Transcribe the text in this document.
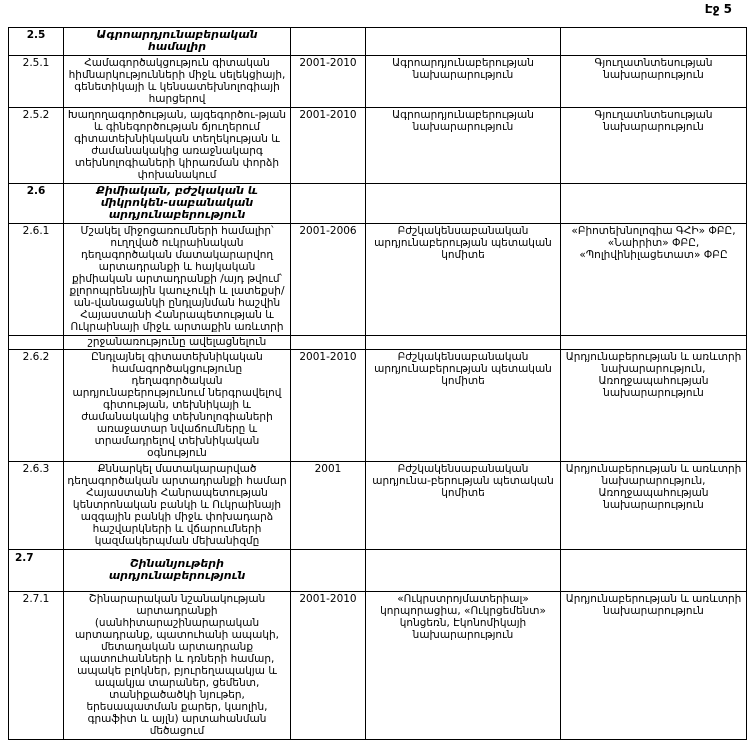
Էջ 5
2.5	Ագրոարդյունաբերական համալիր			
2.5.1	Համագործակցություն գիտական հիմնարկությունների միջև սելեկցիայի, գենետիկայի և կենսատեխնոլոգիայի հարցերով	2001-2010	Ագրոարդյունաբերության նախարարություն	Գյուղատնտեսության նախարարություն
2.5.2	Խաղողագործության, այգեգործու-թյան և գինեգործության ճյուղերում գիտատեխնիկական տեղեկության և ժամանակակից առաջնակարգ տեխնոլոգիաների կիրառման փորձի փոխանակում	2001-2010	Ագրոարդյունաբերության նախարարություն	Գյուղատնտեսության նախարարություն
2.6	Քիմիական, բժշկական և միկրոկեն-սաբանական արդյունաբերություն			
2.6.1	Մշակել միջոցառումների համալիր՝ ուղղված ուկրաինական դեղագործական մատակարարվող արտադրանքի և հայկական քիմիական արտադրանքի /այդ թվում՝ քլորոպրենային կաուչուկի և լատեքսի/ ան-վանացանկի ընդլայնման հաշվին Հայաստանի Հանրապետության և Ուկրաինայի միջև արտաքին առևտրի	2001-2006	Բժշկակենսաբանական արդյունաբերության պետական կոմիտե	«Բիոտեխնոլոգիա ԳՀԻ» ՓԲԸ, «Նաիրիտ» ՓԲԸ, «Պոլիվինիլացետատ» ՓԲԸ
	շրջանառությունը ավելացնելուն			
2.6.2	Ընդլայնել գիտատեխնիկական համագործակցությունը դեղագործական արդյունաբերությունում ներգրավելով գիտության, տեխնիկայի և ժամանակակից տեխնոլոգիաների առաջատար նվաճումները և տրամադրելով տեխնիկական օգնություն	2001-2010	Բժշկակենսաբանական արդյունաբերության պետական կոմիտե	Արդյունաբերության և առևտրի նախարարություն, Առողջապահության նախարարություն
2.6.3	Քննարկել մատակարարված դեղագործական արտադրանքի համար Հայաստանի Հանրապետության կենտրոնական բանկի և Ուկրաինայի ազգային բանկի միջև փոխադարձ հաշվարկների և վճարումների կազմակերպման մեխանիզմը	2001	Բժշկակենսաբանական արդյունա-բերության պետական կոմիտե	Արդյունաբերության և առևտրի նախարարություն, Առողջապահության նախարարություն
2.7	Շինանյութերի արդյունաբերություն			
2.7.1	Շինարարական նշանակության արտադրանքի (սանհիտարաշինարարական արտադրանք, պատուհանի ապակի, մետաղական արտադրանք պատուհանների և դռների համար, ապակե բլոկներ, բյուրեղապակյա և ապակյա տարաներ, ցեմենտ, տանիքածածկի նյութեր, երեսապատման քարեր, կաոլին, գրաֆիտ և այլն) արտահանման մեծացում	2001-2010	«Ուկրստրոյմատերիալ» կորպորացիա, «Ուկրցեմենտ» կոնցեռն, Էկոնոմիկայի նախարարություն	Արդյունաբերության և առևտրի նախարարություն
